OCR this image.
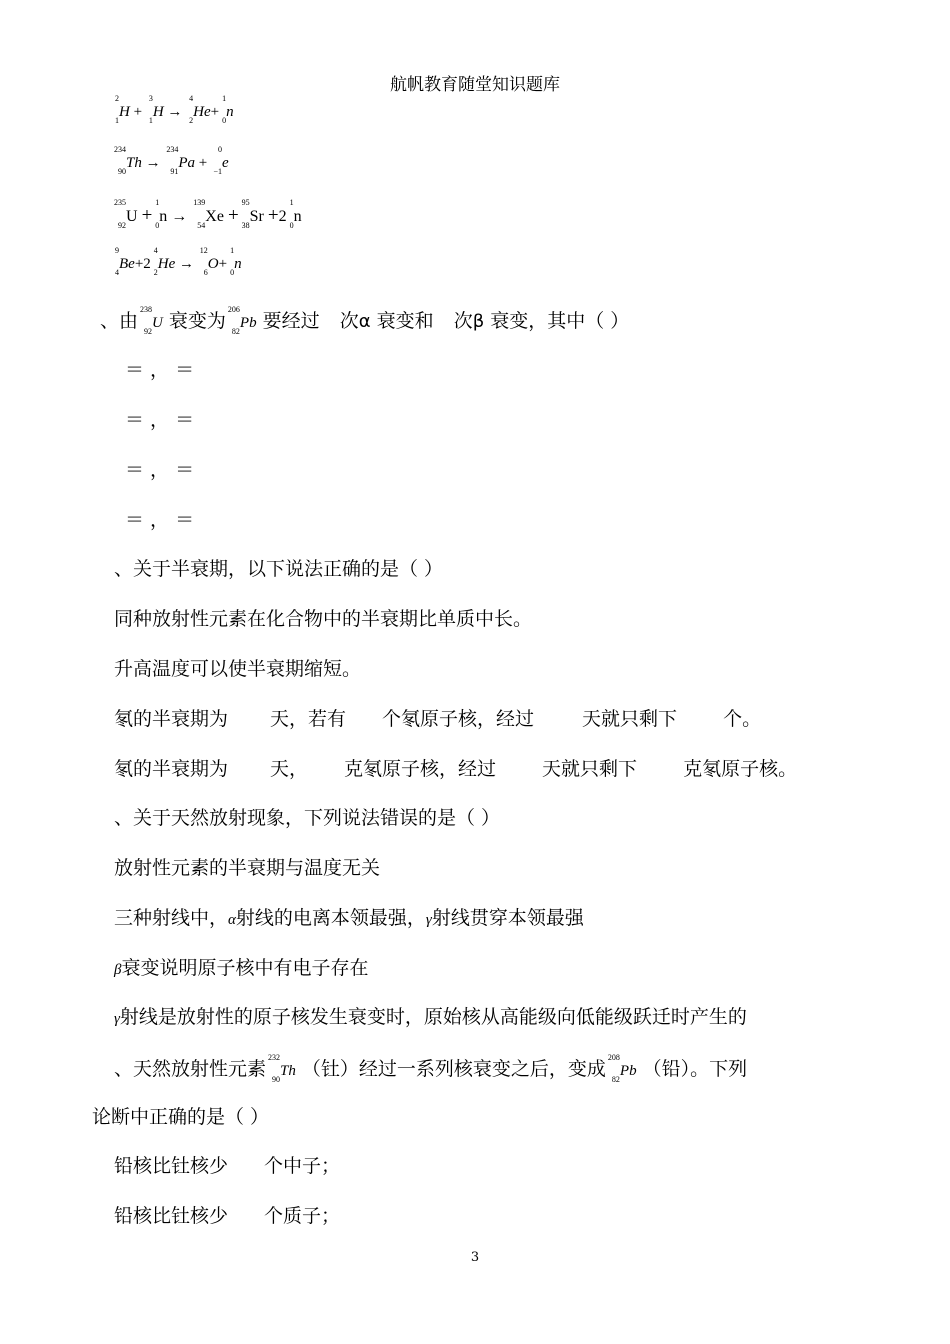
航帆教育随堂知识题库
2
1
H +
3
1
H →
4
2
He+
1
0
n
234
90
Th →
234
91
Pa +
0
−1
e
235
92
U +
1
0
n →
139
54
Xe +
95
38
Sr +2
1
0
n
9
4
Be+2
4
2
He →
12
6
O+
1
0
n
、由
238
92
U 衰变为
206
82
Pb 要经过 次α 衰变和 次β 衰变，其中（ ）
＝ ， ＝
＝ ， ＝
＝ ， ＝
＝ ， ＝
、关于半衰期，以下说法正确的是（ ）
同种放射性元素在化合物中的半衰期比单质中长。
升高温度可以使半衰期缩短。
氡的半衰期为 天，若有 个氡原子核，经过	天就只剩下 个。
氡的半衰期为 天， 克氡原子核，经过 天就只剩下 克氡原子核。
、关于天然放射现象，下列说法错误的是（ ）
放射性元素的半衰期与温度无关
三种射线中，α射线的电离本领最强，γ射线贯穿本领最强
β衰变说明原子核中有电子存在
γ射线是放射性的原子核发生衰变时，原始核从高能级向低能级跃迁时产生的
、天然放射性元素
232
90
Th （钍）经过一系列核衰变之后，变成
208
82
Pb （铅）。下列
论断中正确的是（ ）
铅核比钍核少 个中子；
铅核比钍核少 个质子；
3
